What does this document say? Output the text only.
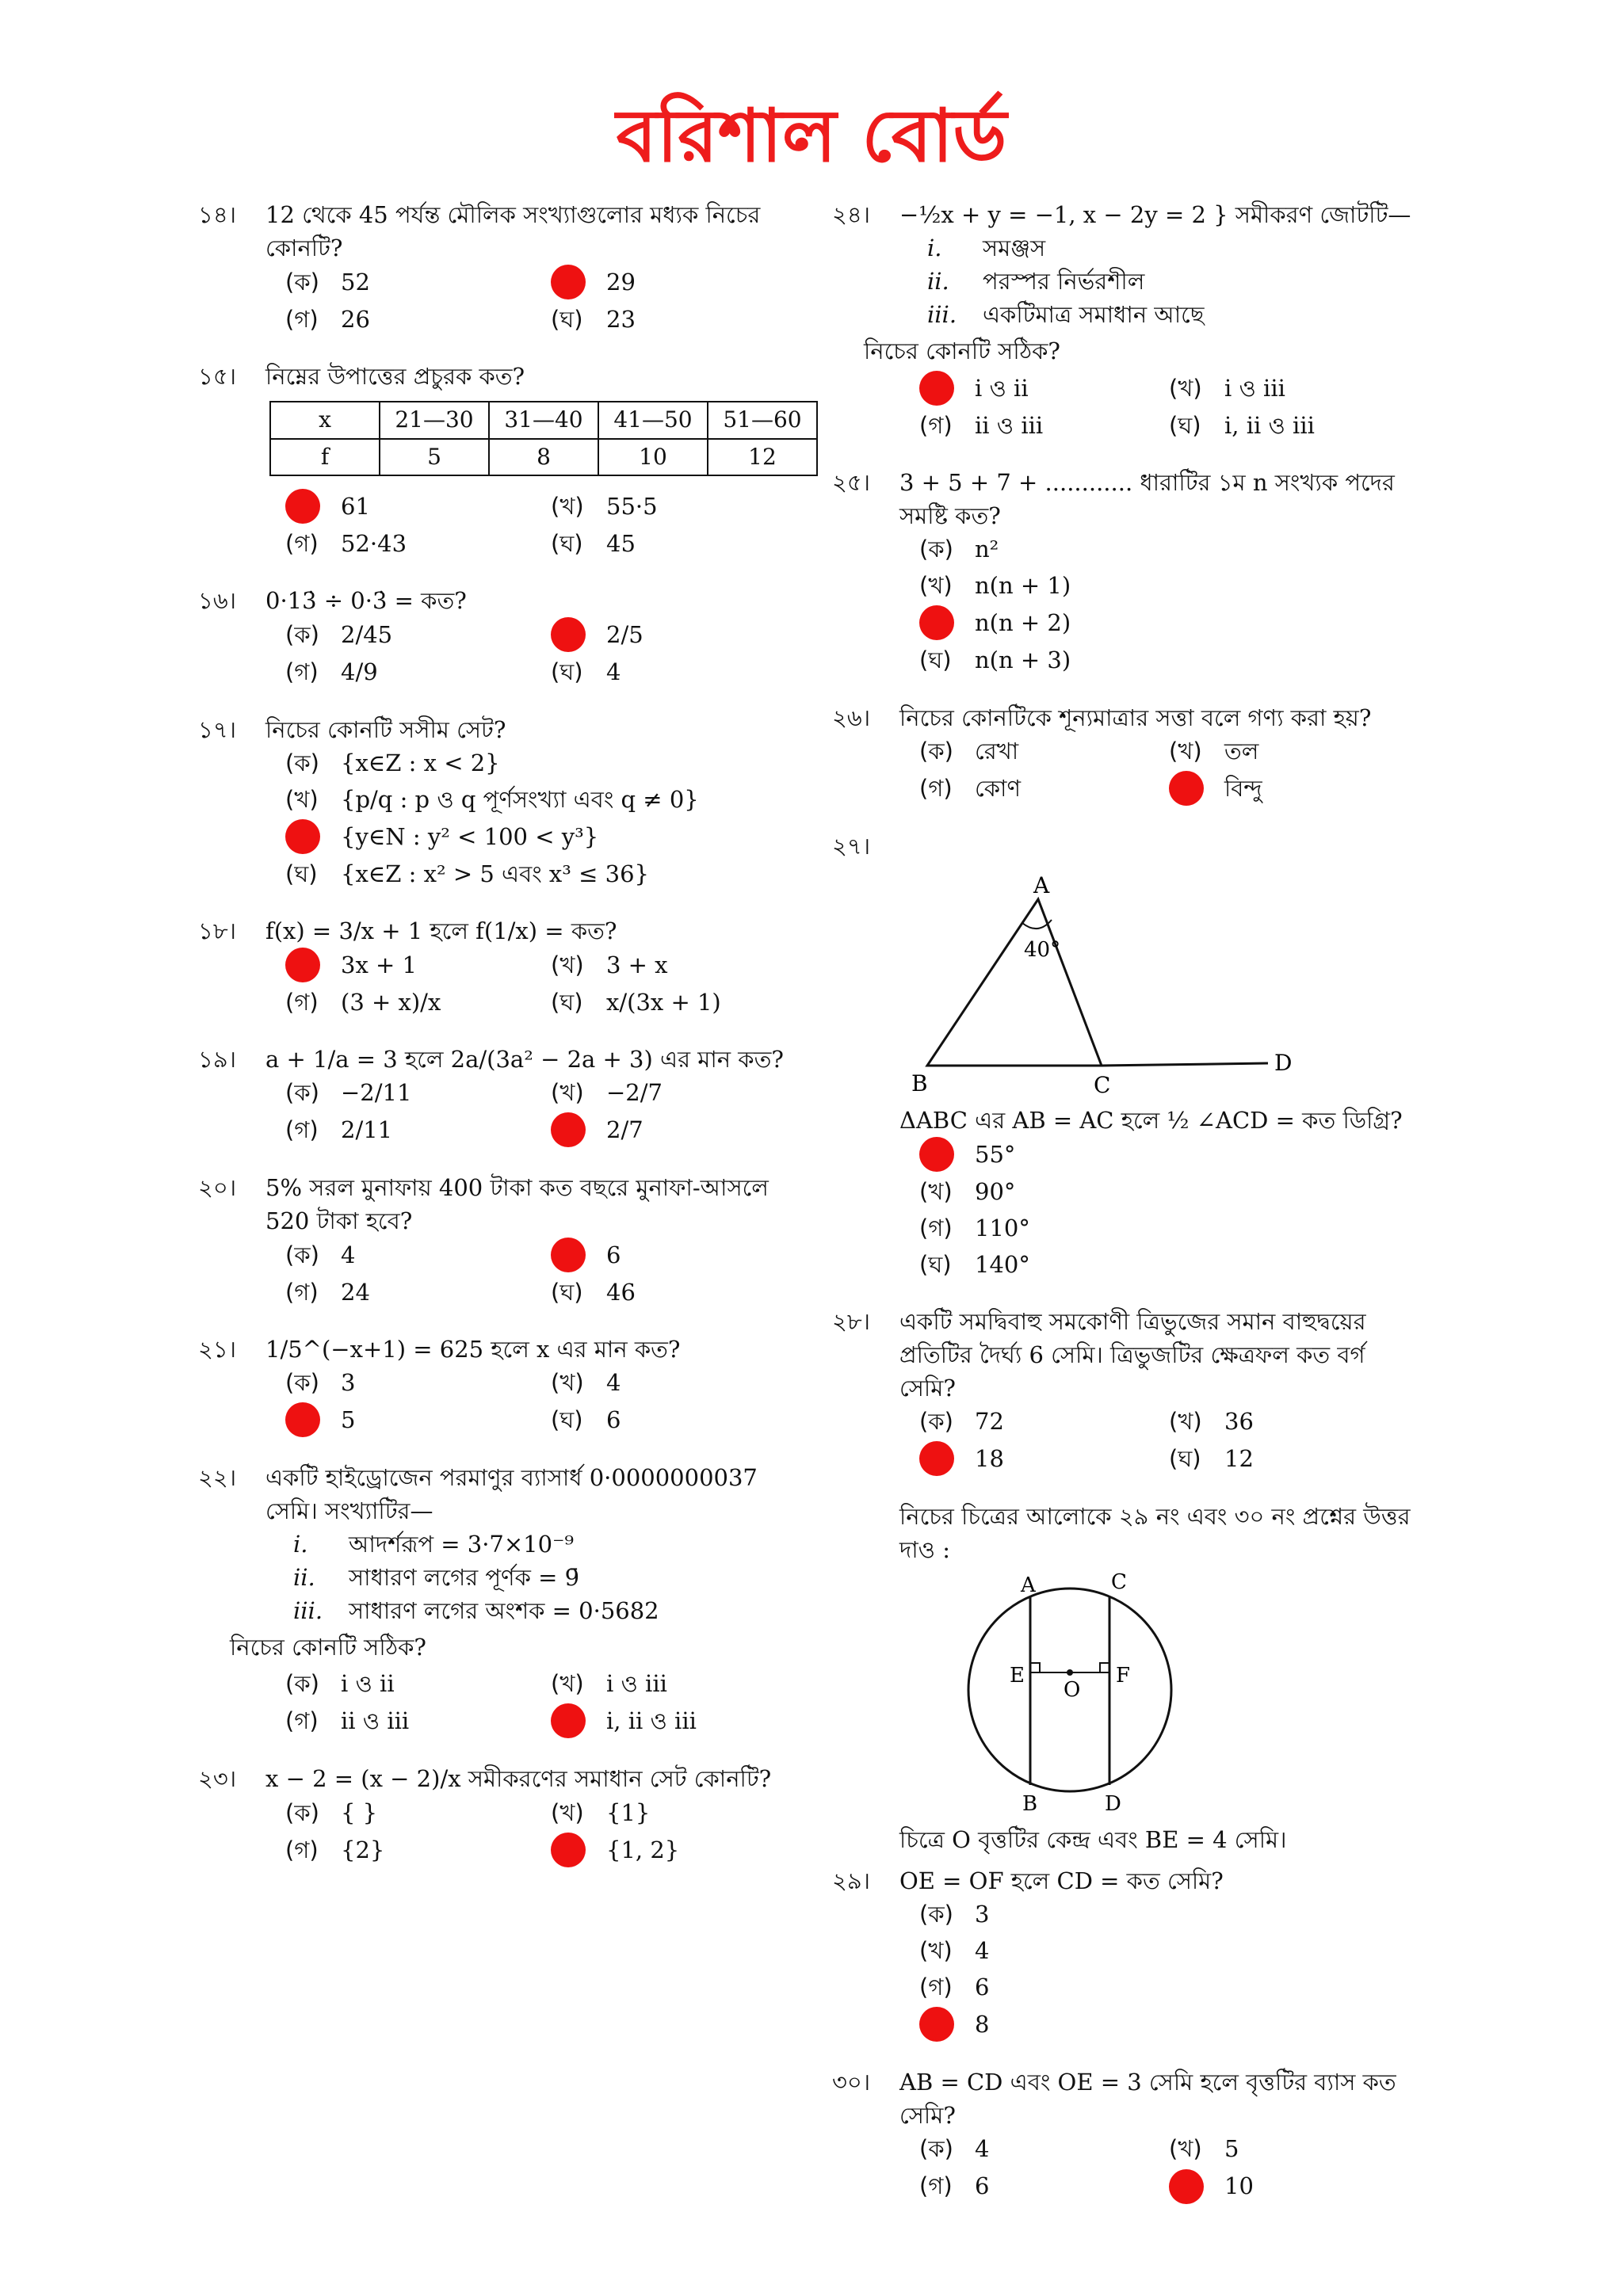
বরিশাল বোর্ড
১৪।	12 থেকে 45 পর্যন্ত মৌলিক সংখ্যাগুলোর মধ্যক নিচের কোনটি?
(ক) 52	29
(গ) 26	(ঘ)	23
১৫।	নিম্নের উপাত্তের প্রচুরক কত?
x	21—30	31—40	41—50	51—60
f	5	8	10	12
61	(খ) 55·5
(গ) 52·43	(ঘ)	45
১৬।	0·13̇ ÷ 0·3̇ = কত?
(ক) 2/45	2/5
(গ) 4/9	(ঘ)	4
১৭।	নিচের কোনটি সসীম সেট?
(ক) {x∈Z : x < 2}
(খ) {p/q : p ও q পূর্ণসংখ্যা এবং q ≠ 0}
{y∈N : y² < 100 < y³}
(ঘ)	{x∈Z : x² > 5 এবং x³ ≤ 36}
১৮।	f(x) = 3/x + 1 হলে f(1/x) = কত?
3x + 1	(খ) 3 + x
(গ) (3 + x)/x	(ঘ)	x/(3x + 1)
১৯।	a + 1/a = 3 হলে 2a/(3a² − 2a + 3) এর মান কত?
(ক) −2/11	(খ) −2/7
(গ) 2/11	2/7
২০।	5% সরল মুনাফায় 400 টাকা কত বছরে মুনাফা-আসলে 520 টাকা হবে?
(ক) 4	6
(গ) 24	(ঘ)	46
২১।	1/5^(−x+1) = 625 হলে x এর মান কত?
(ক) 3	(খ) 4
5	(ঘ)	6
২২।	একটি হাইড্রোজেন পরমাণুর ব্যাসার্ধ 0·0000000037 সেমি। সংখ্যাটির—
i.	আদর্শরূপ = 3·7×10⁻⁹
ii.	সাধারণ লগের পূর্ণক = 9̄
iii.	সাধারণ লগের অংশক = 0·5682
নিচের কোনটি সঠিক?
(ক) i ও ii	(খ) i ও iii
(গ) ii ও iii	i, ii ও iii
২৩।	x − 2 = (x − 2)/x সমীকরণের সমাধান সেট কোনটি?
(ক) { }	(খ) {1}
(গ) {2}	{1, 2}
২৪।	−½x + y = −1, x − 2y = 2 } সমীকরণ জোটটি—
i.	সমঞ্জস
ii.	পরস্পর নির্ভরশীল
iii.	একটিমাত্র সমাধান আছে
নিচের কোনটি সঠিক?
i ও ii	(খ) i ও iii
(গ) ii ও iii	(ঘ)	i, ii ও iii
২৫।	3 + 5 + 7 + ............ ধারাটির ১ম n সংখ্যক পদের সমষ্টি কত?
(ক) n²
(খ) n(n + 1)
n(n + 2)
(ঘ)	n(n + 3)
২৬।	নিচের কোনটিকে শূন্যমাত্রার সত্তা বলে গণ্য করা হয়?
(ক) রেখা	(খ) তল
(গ) কোণ	বিন্দু
২৭।
A
B	C
D
40°
ΔABC এর AB = AC হলে ½ ∠ACD = কত ডিগ্রি?
55°
(খ) 90°
(গ) 110°
(ঘ)	140°
২৮।	একটি সমদ্বিবাহু সমকোণী ত্রিভুজের সমান বাহুদ্বয়ের প্রতিটির দৈর্ঘ্য 6 সেমি। ত্রিভুজটির ক্ষেত্রফল কত বর্গ সেমি?
(ক) 72	(খ) 36
18	(ঘ)	12
নিচের চিত্রের আলোকে ২৯ নং এবং ৩০ নং প্রশ্নের উত্তর দাও :
A	C
E	F
O
B	D
চিত্রে O বৃত্তটির কেন্দ্র এবং BE = 4 সেমি।
২৯।	OE = OF হলে CD = কত সেমি?
(ক) 3
(খ) 4
(গ) 6
8
৩০।	AB = CD এবং OE = 3 সেমি হলে বৃত্তটির ব্যাস কত সেমি?
(ক) 4	(খ) 5
(গ) 6	10
